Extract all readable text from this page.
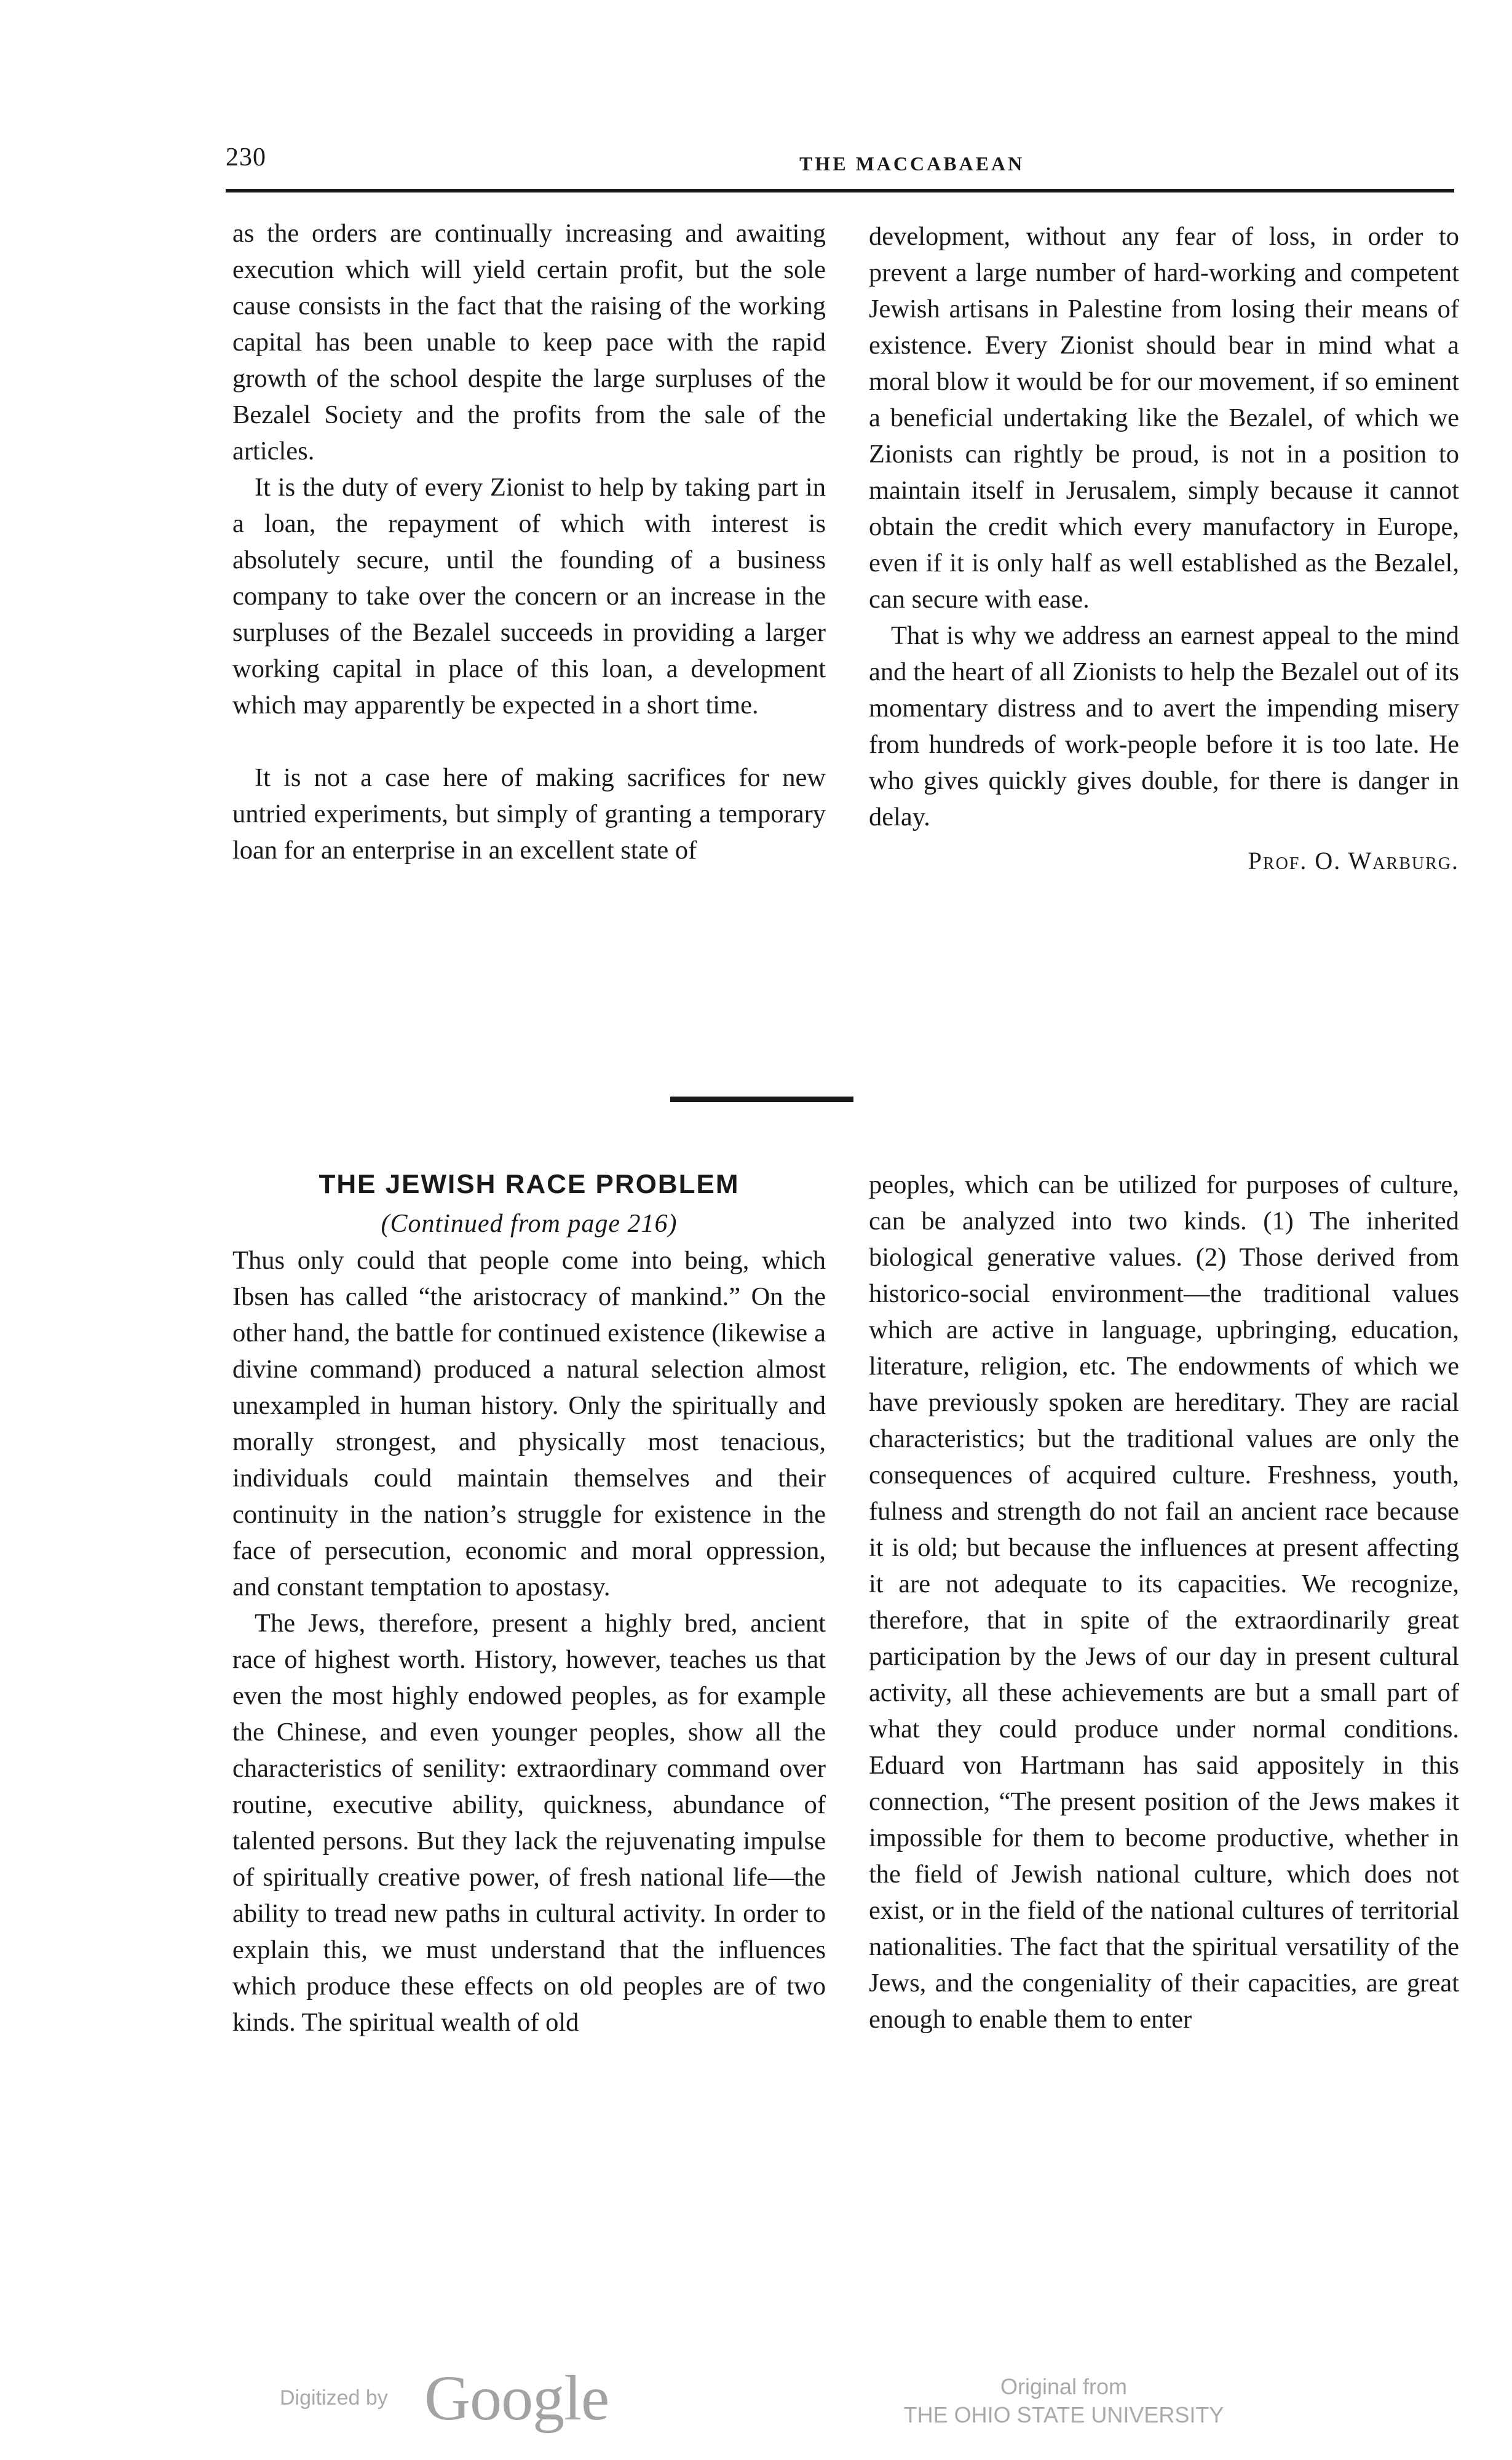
230	THE MACCABAEAN

as the orders are continually increasing and awaiting execution which will yield certain profit, but the sole cause consists in the fact that the raising of the working capital has been unable to keep pace with the rapid growth of the school despite the large surpluses of the Bezalel Society and the profits from the sale of the articles.

It is the duty of every Zionist to help by taking part in a loan, the repayment of which with interest is absolutely secure, until the founding of a business company to take over the concern or an increase in the surpluses of the Bezalel succeeds in providing a larger working capital in place of this loan, a development which may apparently be expected in a short time.

It is not a case here of making sacrifices for new untried experiments, but simply of granting a temporary loan for an enterprise in an excellent state of

development, without any fear of loss, in order to prevent a large number of hard-working and competent Jewish artisans in Palestine from losing their means of existence. Every Zionist should bear in mind what a moral blow it would be for our movement, if so eminent a beneficial undertaking like the Bezalel, of which we Zionists can rightly be proud, is not in a position to maintain itself in Jerusalem, simply because it cannot obtain the credit which every manufactory in Europe, even if it is only half as well established as the Bezalel, can secure with ease.

That is why we address an earnest appeal to the mind and the heart of all Zionists to help the Bezalel out of its momentary distress and to avert the impending misery from hundreds of work-people before it is too late. He who gives quickly gives double, for there is danger in delay.

Prof. O. Warburg.
THE JEWISH RACE PROBLEM
(Continued from page 216)

Thus only could that people come into being, which Ibsen has called “the aristocracy of mankind.” On the other hand, the battle for continued existence (likewise a divine command) produced a natural selection almost unexampled in human history. Only the spiritually and morally strongest, and physically most tenacious, individuals could maintain themselves and their continuity in the nation’s struggle for existence in the face of persecution, economic and moral oppression, and constant temptation to apostasy.

The Jews, therefore, present a highly bred, ancient race of highest worth. History, however, teaches us that even the most highly endowed peoples, as for example the Chinese, and even younger peoples, show all the characteristics of senility: extraordinary command over routine, executive ability, quickness, abundance of talented persons. But they lack the rejuvenating impulse of spiritually creative power, of fresh national life—the ability to tread new paths in cultural activity. In order to explain this, we must understand that the influences which produce these effects on old peoples are of two kinds. The spiritual wealth of old

peoples, which can be utilized for purposes of culture, can be analyzed into two kinds. (1) The inherited biological generative values. (2) Those derived from historico-social environment—the traditional values which are active in language, upbringing, education, literature, religion, etc. The endowments of which we have previously spoken are hereditary. They are racial characteristics; but the traditional values are only the consequences of acquired culture. Freshness, youth, fulness and strength do not fail an ancient race because it is old; but because the influences at present affecting it are not adequate to its capacities. We recognize, therefore, that in spite of the extraordinarily great participation by the Jews of our day in present cultural activity, all these achievements are but a small part of what they could produce under normal conditions. Eduard von Hartmann has said appositely in this connection, “The present position of the Jews makes it impossible for them to become productive, whether in the field of Jewish national culture, which does not exist, or in the field of the national cultures of territorial nationalities. The fact that the spiritual versatility of the Jews, and the congeniality of their capacities, are great enough to enable them to enter

Digitized by Google	Original from
THE OHIO STATE UNIVERSITY
